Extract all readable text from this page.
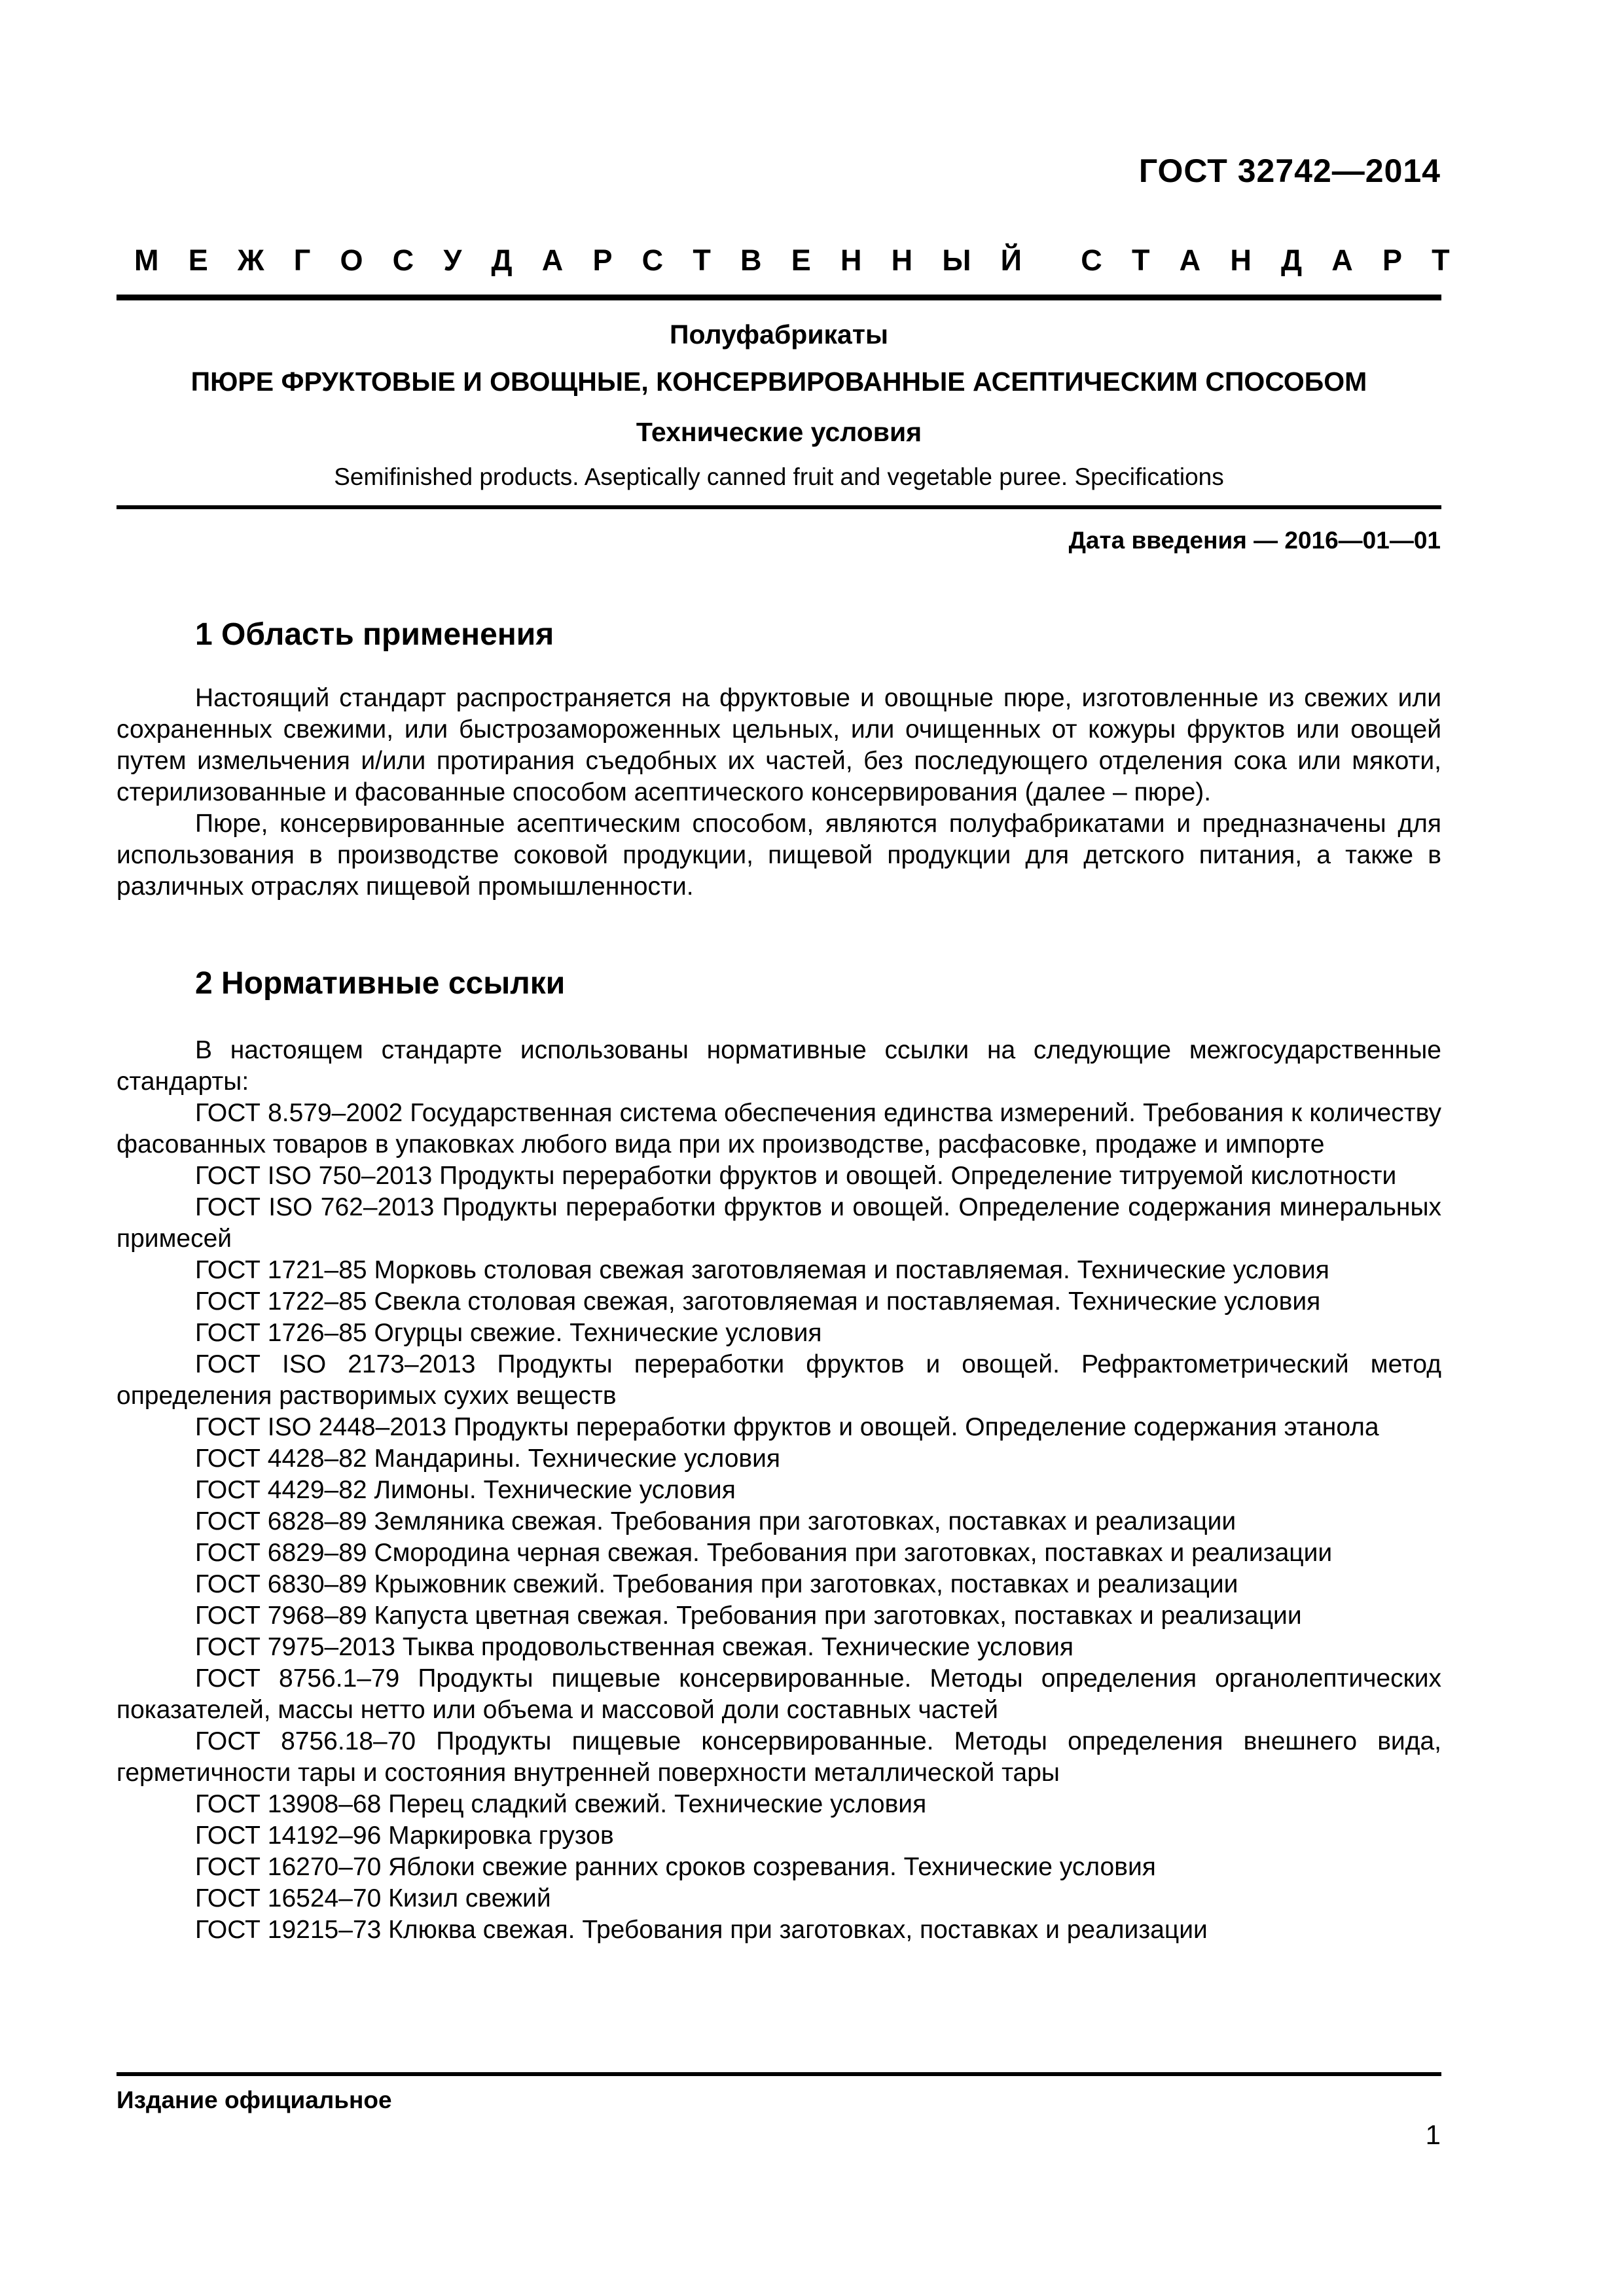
ГОСТ 32742—2014
М Е Ж Г О С У Д А Р С Т В Е Н Н Ы Й С Т А Н Д А Р Т
Полуфабрикаты
ПЮРЕ ФРУКТОВЫЕ И ОВОЩНЫЕ, КОНСЕРВИРОВАННЫЕ АСЕПТИЧЕСКИМ СПОСОБОМ
Технические условия
Semifinished products. Aseptically canned fruit and vegetable puree. Specifications
Дата введения — 2016—01—01
1 Область применения

Настоящий стандарт распространяется на фруктовые и овощные пюре, изготовленные из свежих или сохраненных свежими, или быстрозамороженных цельных, или очищенных от кожуры фруктов или овощей путем измельчения и/или протирания съедобных их частей, без последующего отделения сока или мякоти, стерилизованные и фасованные способом асептического консервирования (далее – пюре).

Пюре, консервированные асептическим способом, являются полуфабрикатами и предназначены для использования в производстве соковой продукции, пищевой продукции для детского питания, а также в различных отраслях пищевой промышленности.

2 Нормативные ссылки

В настоящем стандарте использованы нормативные ссылки на следующие межгосударственные стандарты:

ГОСТ 8.579–2002 Государственная система обеспечения единства измерений. Требования к количеству фасованных товаров в упаковках любого вида при их производстве, расфасовке, продаже и импорте

ГОСТ ISO 750–2013 Продукты переработки фруктов и овощей. Определение титруемой кислотности

ГОСТ ISO 762–2013 Продукты переработки фруктов и овощей. Определение содержания минеральных примесей

ГОСТ 1721–85 Морковь столовая свежая заготовляемая и поставляемая. Технические условия

ГОСТ 1722–85 Свекла столовая свежая, заготовляемая и поставляемая. Технические условия

ГОСТ 1726–85 Огурцы свежие. Технические условия

ГОСТ ISO 2173–2013 Продукты переработки фруктов и овощей. Рефрактометрический метод определения растворимых сухих веществ

ГОСТ ISO 2448–2013 Продукты переработки фруктов и овощей. Определение содержания этанола

ГОСТ 4428–82 Мандарины. Технические условия

ГОСТ 4429–82 Лимоны. Технические условия

ГОСТ 6828–89 Земляника свежая. Требования при заготовках, поставках и реализации

ГОСТ 6829–89 Смородина черная свежая. Требования при заготовках, поставках и реализации

ГОСТ 6830–89 Крыжовник свежий. Требования при заготовках, поставках и реализации

ГОСТ 7968–89 Капуста цветная свежая. Требования при заготовках, поставках и реализации

ГОСТ 7975–2013 Тыква продовольственная свежая. Технические условия

ГОСТ 8756.1–79 Продукты пищевые консервированные. Методы определения органолептических показателей, массы нетто или объема и массовой доли составных частей

ГОСТ 8756.18–70 Продукты пищевые консервированные. Методы определения внешнего вида, герметичности тары и состояния внутренней поверхности металлической тары

ГОСТ 13908–68 Перец сладкий свежий. Технические условия

ГОСТ 14192–96 Маркировка грузов

ГОСТ 16270–70 Яблоки свежие ранних сроков созревания. Технические условия

ГОСТ 16524–70 Кизил свежий

ГОСТ 19215–73 Клюква свежая. Требования при заготовках, поставках и реализации

Издание официальное
1
